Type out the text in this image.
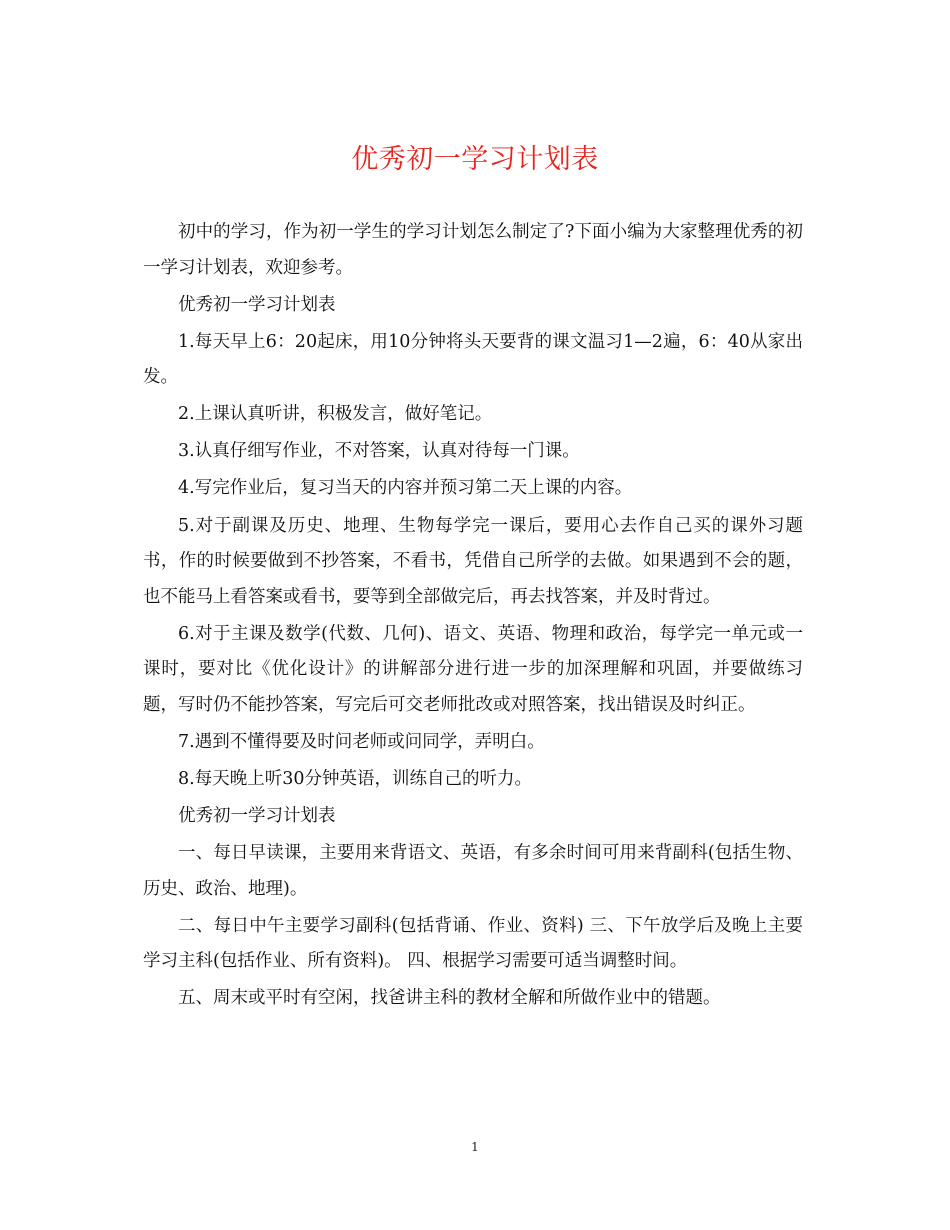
优秀初一学习计划表

初中的学习，作为初一学生的学习计划怎么制定了?下面小编为大家整理优秀的初一学习计划表，欢迎参考。

优秀初一学习计划表

1.每天早上6：20起床，用10分钟将头天要背的课文温习1—2遍，6：40从家出发。

2.上课认真听讲，积极发言，做好笔记。

3.认真仔细写作业，不对答案，认真对待每一门课。

4.写完作业后，复习当天的内容并预习第二天上课的内容。

5.对于副课及历史、地理、生物每学完一课后，要用心去作自己买的课外习题书，作的时候要做到不抄答案，不看书，凭借自己所学的去做。如果遇到不会的题，也不能马上看答案或看书，要等到全部做完后，再去找答案，并及时背过。

6.对于主课及数学(代数、几何)、语文、英语、物理和政治，每学完一单元或一课时，要对比《优化设计》的讲解部分进行进一步的加深理解和巩固，并要做练习题，写时仍不能抄答案，写完后可交老师批改或对照答案，找出错误及时纠正。

7.遇到不懂得要及时问老师或问同学，弄明白。

8.每天晚上听30分钟英语，训练自己的听力。

优秀初一学习计划表

一、每日早读课，主要用来背语文、英语，有多余时间可用来背副科(包括生物、历史、政治、地理)。

二、每日中午主要学习副科(包括背诵、作业、资料) 三、下午放学后及晚上主要学习主科(包括作业、所有资料)。 四、根据学习需要可适当调整时间。

五、周末或平时有空闲，找爸讲主科的教材全解和所做作业中的错题。

1
